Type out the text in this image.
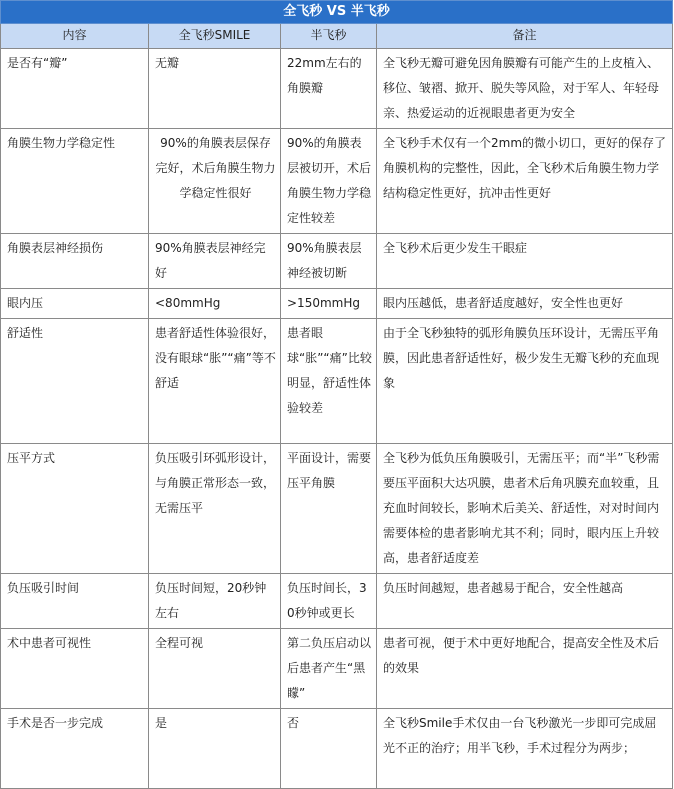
全飞秒 VS 半飞秒			
内容	全飞秒SMILE	半飞秒	备注
是否有“瓣”	无瓣	22mm左右的角膜瓣	全飞秒无瓣可避免因角膜瓣有可能产生的上皮植入、移位、皱褶、掀开、脱失等风险，对于军人、年轻母亲、热爱运动的近视眼患者更为安全
角膜生物力学稳定性	90%的角膜表层保存完好，术后角膜生物力学稳定性很好	90%的角膜表层被切开，术后角膜生物力学稳定性较差	全飞秒手术仅有一个2mm的微小切口，更好的保存了角膜机构的完整性，因此，全飞秒术后角膜生物力学结构稳定性更好，抗冲击性更好
角膜表层神经损伤	90%角膜表层神经完好	90%角膜表层神经被切断	全飞秒术后更少发生干眼症
眼内压	<80mmHg	>150mmHg	眼内压越低，患者舒适度越好，安全性也更好
舒适性	患者舒适性体验很好，没有眼球“胀”“痛”等不舒适	患者眼球“胀”“痛”比较明显，舒适性体验较差	由于全飞秒独特的弧形角膜负压环设计，无需压平角膜，因此患者舒适性好，极少发生无瓣飞秒的充血现象
压平方式	负压吸引环弧形设计，与角膜正常形态一致，无需压平	平面设计，需要压平角膜	全飞秒为低负压角膜吸引，无需压平；而“半”飞秒需要压平面积大达巩膜，患者术后角巩膜充血较重，且充血时间较长，影响术后美关、舒适性，对对时间内需要体检的患者影响尤其不利；同时，眼内压上升较高，患者舒适度差
负压吸引时间	负压时间短，20秒钟左右	负压时间长，30秒钟或更长	负压时间越短，患者越易于配合，安全性越高
术中患者可视性	全程可视	第二负压启动以后患者产生“黑矇”	患者可视，便于术中更好地配合，提高安全性及术后的效果
手术是否一步完成	是	否	全飞秒Smile手术仅由一台飞秒激光一步即可完成屈光不正的治疗；用半飞秒，手术过程分为两步；
